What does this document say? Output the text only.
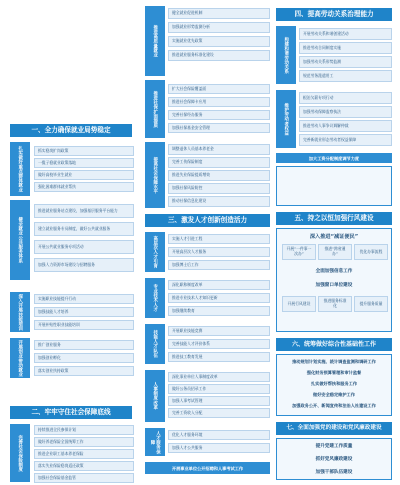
推进高质量就业
健全就业促进机制
加强就业形势监测分析
实施就业优先政策
推进就业服务标准化建设
推进社保扩面提质
扩大社会保险覆盖面
推进社会保障卡应用
完善社保经办服务
加强社保基金安全管理
提高社会保障水平
调整退休人员基本养老金
完善工伤保险制度
推进失业保险提质增效
加强社保风险防控
推动社保信息化建设
一、全力确保就业局势稳定
扎实做好重点群体就业	抓实稳岗扩岗政策
一揽子稳就业政策落地
做好高校毕业生就业
强化困难群体就业帮扶
健全就业公共服务体系
推进就业服务站点建设，加强基层服务平台能力
建立就业服务专员制度，做好公共就业服务
开展公共就业服务专项活动
加强人力资源市场建设与招聘服务
深入开展技能培训	实施职业技能提升行动
加强技能人才培养
开展补贴性职业技能培训
开展创业带动就业	推广创业服务
加强创业孵化
落实创业扶持政策
二、牢牢守住社会保障底线
完善社会保险制度
持续推进全民参保计划
做好养老保险全国统筹工作
推进企业职工基本养老保险
落实失业保险稳岗返还政策
加强社会保险基金监管
三、激发人才创新创造活力
高层次人才引育	实施人才引进工程
开展高层次人才服务
加强博士后工作
专业技术人才	深化职称制度改革
推进专业技术人才知识更新
加强继续教育
技能人才队伍	开展职业技能竞赛
完善技能人才评价体系
推进技工教育发展
人事制度改革
深化事业单位人事制度改革
做好公务员招录工作
加强人事考试管理
完善工资收入分配
人才服务保障
优化人才服务环境
加强人才公共服务
开展事业单位公开招聘和人事考试工作
四、提高劳动关系治理能力
构建和谐劳动关系
开展劳动关系和谐创建活动
推进劳动合同制度实施
加强劳动关系形势监测
规范劳务派遣用工
维护劳动者权益
根治欠薪专项行动
加强劳动保障监察执法
推进劳动人事争议调解仲裁
完善新就业形态劳动者权益保障
加大工资分配制度调节力度
五、持之以恒加强行风建设
深入推进“减证便民”
开展“一件事一次办”
推进“跨省通办”	优化办事流程
全面加强信息工作
加强窗口单位建设
开展行风建设	推进服务标准化	提升服务质量
六、统筹做好综合性基础性工作
推动规划计划实施、统计调查监测和调研工作
强化财务预算管理和审计监督
扎实做好帮扶和服务工作
做好安全稳定维护工作
加强政务公开、新闻宣传和法治人社建设工作
七、全面加强党的建设和党风廉政建设
提升党建工作质量
抓好党风廉政建设
加强干部队伍建设
